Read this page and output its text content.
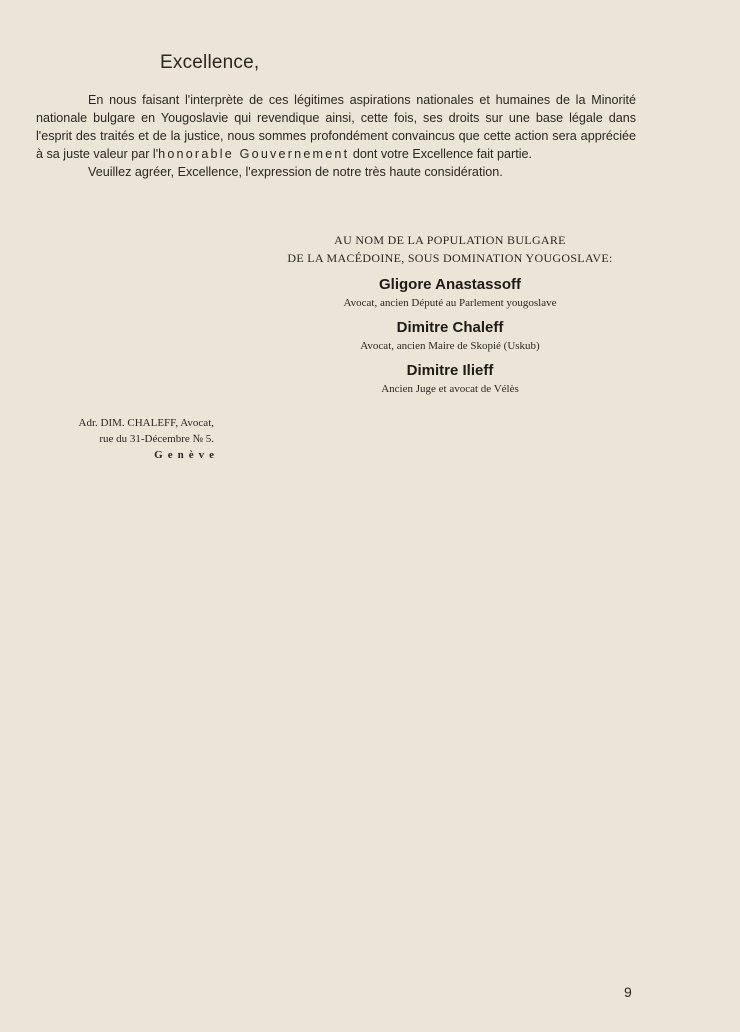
Excellence,

En nous faisant l'interprète de ces légitimes aspirations nationales et humaines de la Minorité nationale bulgare en Yougoslavie qui revendique ainsi, cette fois, ses droits sur une base légale dans l'esprit des traités et de la justice, nous sommes profondément convaincus que cette action sera appréciée à sa juste valeur par l'honorable Gouvernement dont votre Excellence fait partie.

Veuillez agréer, Excellence, l'expression de notre très haute considération.

AU NOM DE LA POPULATION BULGARE
DE LA MACÉDOINE, SOUS DOMINATION YOUGOSLAVE:
Gligore Anastassoff
Avocat, ancien Député au Parlement yougoslave
Dimitre Chaleff
Avocat, ancien Maire de Skopié (Uskub)
Dimitre Ilieff
Ancien Juge et avocat de Vélès
Adr. DIM. CHALEFF, Avocat,
rue du 31-Décembre № 5.
Genève
9
